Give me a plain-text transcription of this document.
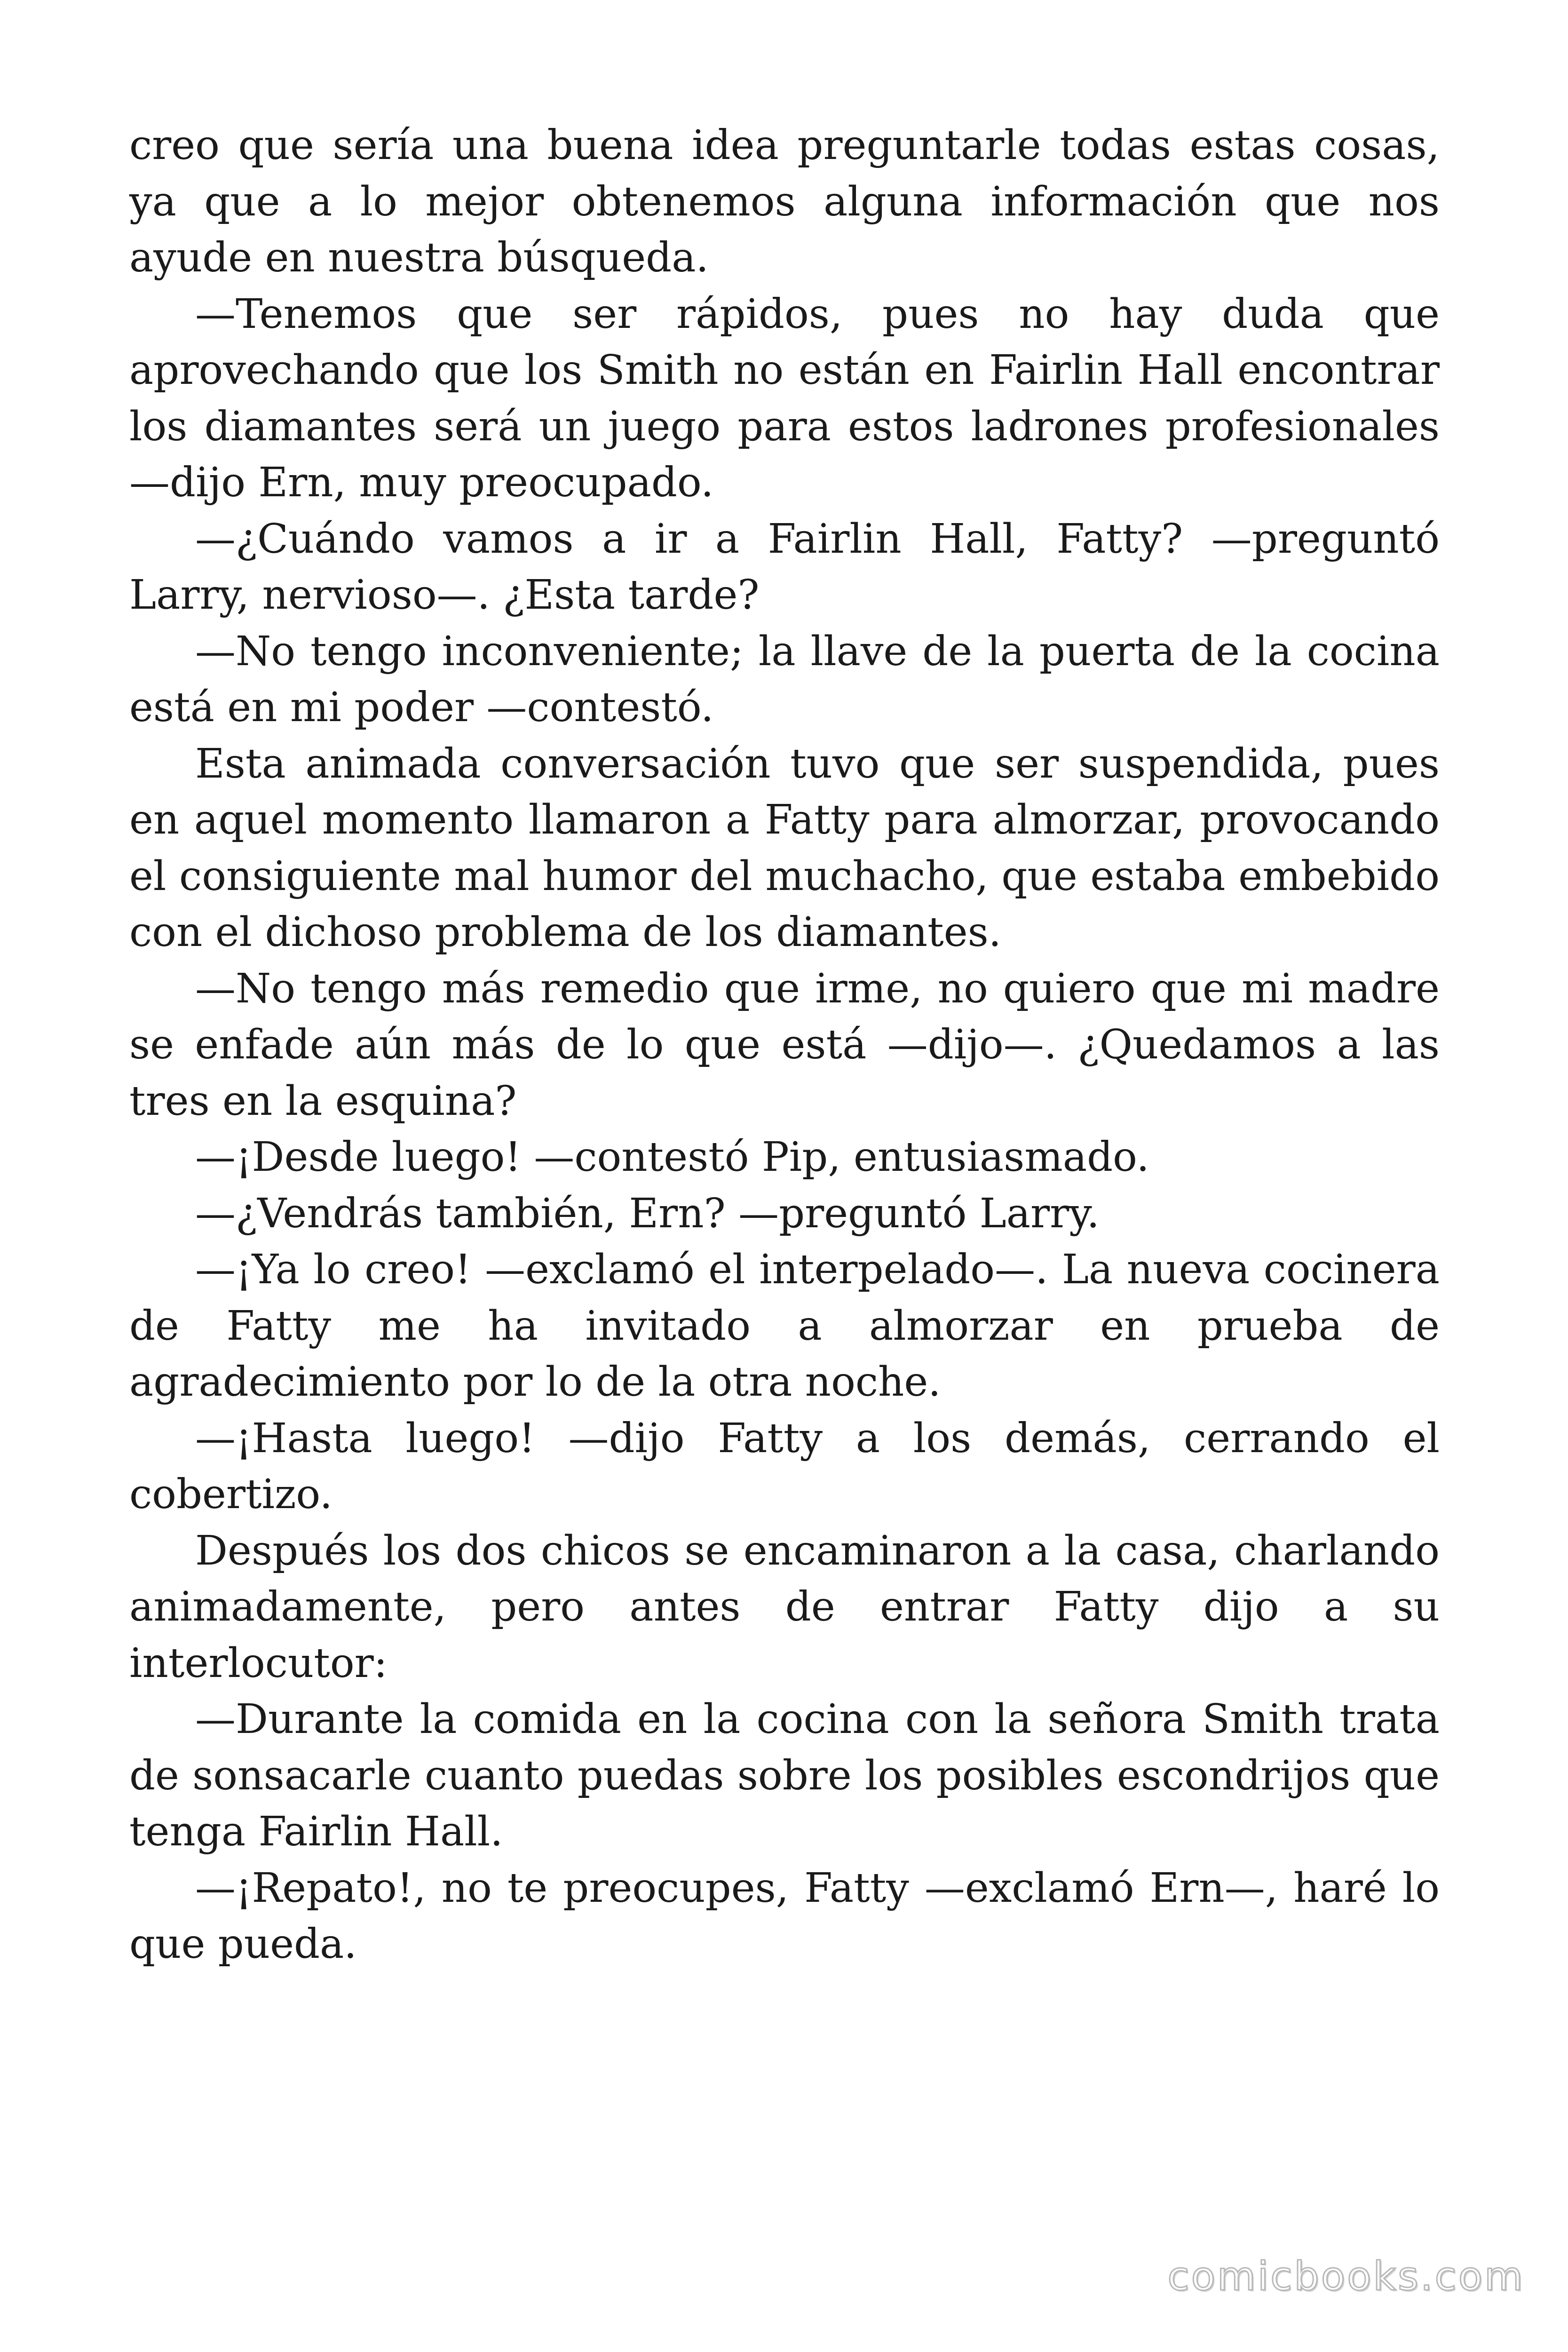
creo que sería una buena idea preguntarle todas estas cosas, ya que a lo mejor obtenemos alguna información que nos ayude en nuestra búsqueda.

—Tenemos que ser rápidos, pues no hay duda que aprovechando que los Smith no están en Fairlin Hall encontrar los diamantes será un juego para estos ladrones profesionales —dijo Ern, muy preocupado.

—¿Cuándo vamos a ir a Fairlin Hall, Fatty? —preguntó Larry, nervioso—. ¿Esta tarde?

—No tengo inconveniente; la llave de la puerta de la cocina está en mi poder —contestó.

Esta animada conversación tuvo que ser suspendida, pues en aquel momento llamaron a Fatty para almorzar, provocando el consiguiente mal humor del muchacho, que estaba embebido con el dichoso problema de los diamantes.

—No tengo más remedio que irme, no quiero que mi madre se enfade aún más de lo que está —dijo—. ¿Quedamos a las tres en la esquina?

—¡Desde luego! —contestó Pip, entusiasmado.

—¿Vendrás también, Ern? —preguntó Larry.

—¡Ya lo creo! —exclamó el interpelado—. La nueva cocinera de Fatty me ha invitado a almorzar en prueba de agradecimiento por lo de la otra noche.

—¡Hasta luego! —dijo Fatty a los demás, cerrando el cobertizo.

Después los dos chicos se encaminaron a la casa, charlando animadamente, pero antes de entrar Fatty dijo a su interlocutor:

—Durante la comida en la cocina con la señora Smith trata de sonsacarle cuanto puedas sobre los posibles escondrijos que tenga Fairlin Hall.

—¡Repato!, no te preocupes, Fatty —exclamó Ern—, haré lo que pueda.

comicbooks.com
